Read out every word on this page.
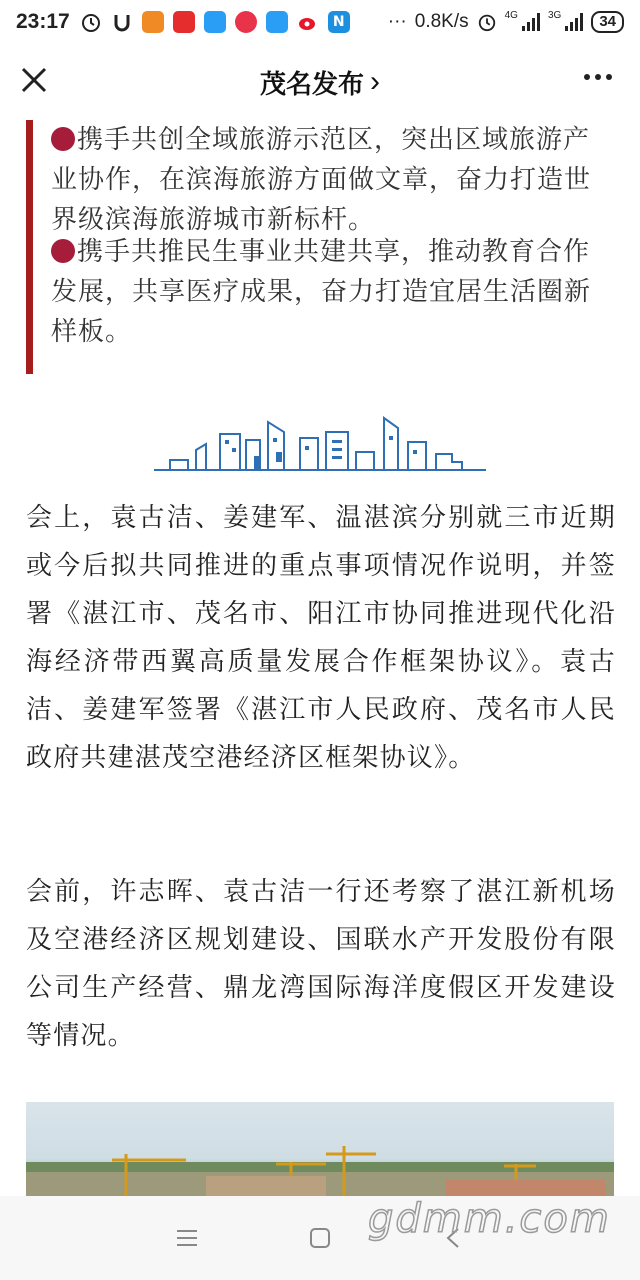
23:17	N ··· 0.8K/s	4G	3G	34
茂名发布 ›

携手共创全域旅游示范区，突出区域旅游产业协作，在滨海旅游方面做文章，奋力打造世界级滨海旅游城市新标杆。

携手共推民生事业共建共享，推动教育合作发展，共享医疗成果，奋力打造宜居生活圈新样板。

会上，袁古洁、姜建军、温湛滨分别就三市近期或今后拟共同推进的重点事项情况作说明，并签署《湛江市、茂名市、阳江市协同推进现代化沿海经济带西翼高质量发展合作框架协议》。袁古洁、姜建军签署《湛江市人民政府、茂名市人民政府共建湛茂空港经济区框架协议》。

会前，许志晖、袁古洁一行还考察了湛江新机场及空港经济区规划建设、国联水产开发股份有限公司生产经营、鼎龙湾国际海洋度假区开发建设等情况。

gdmm.com
